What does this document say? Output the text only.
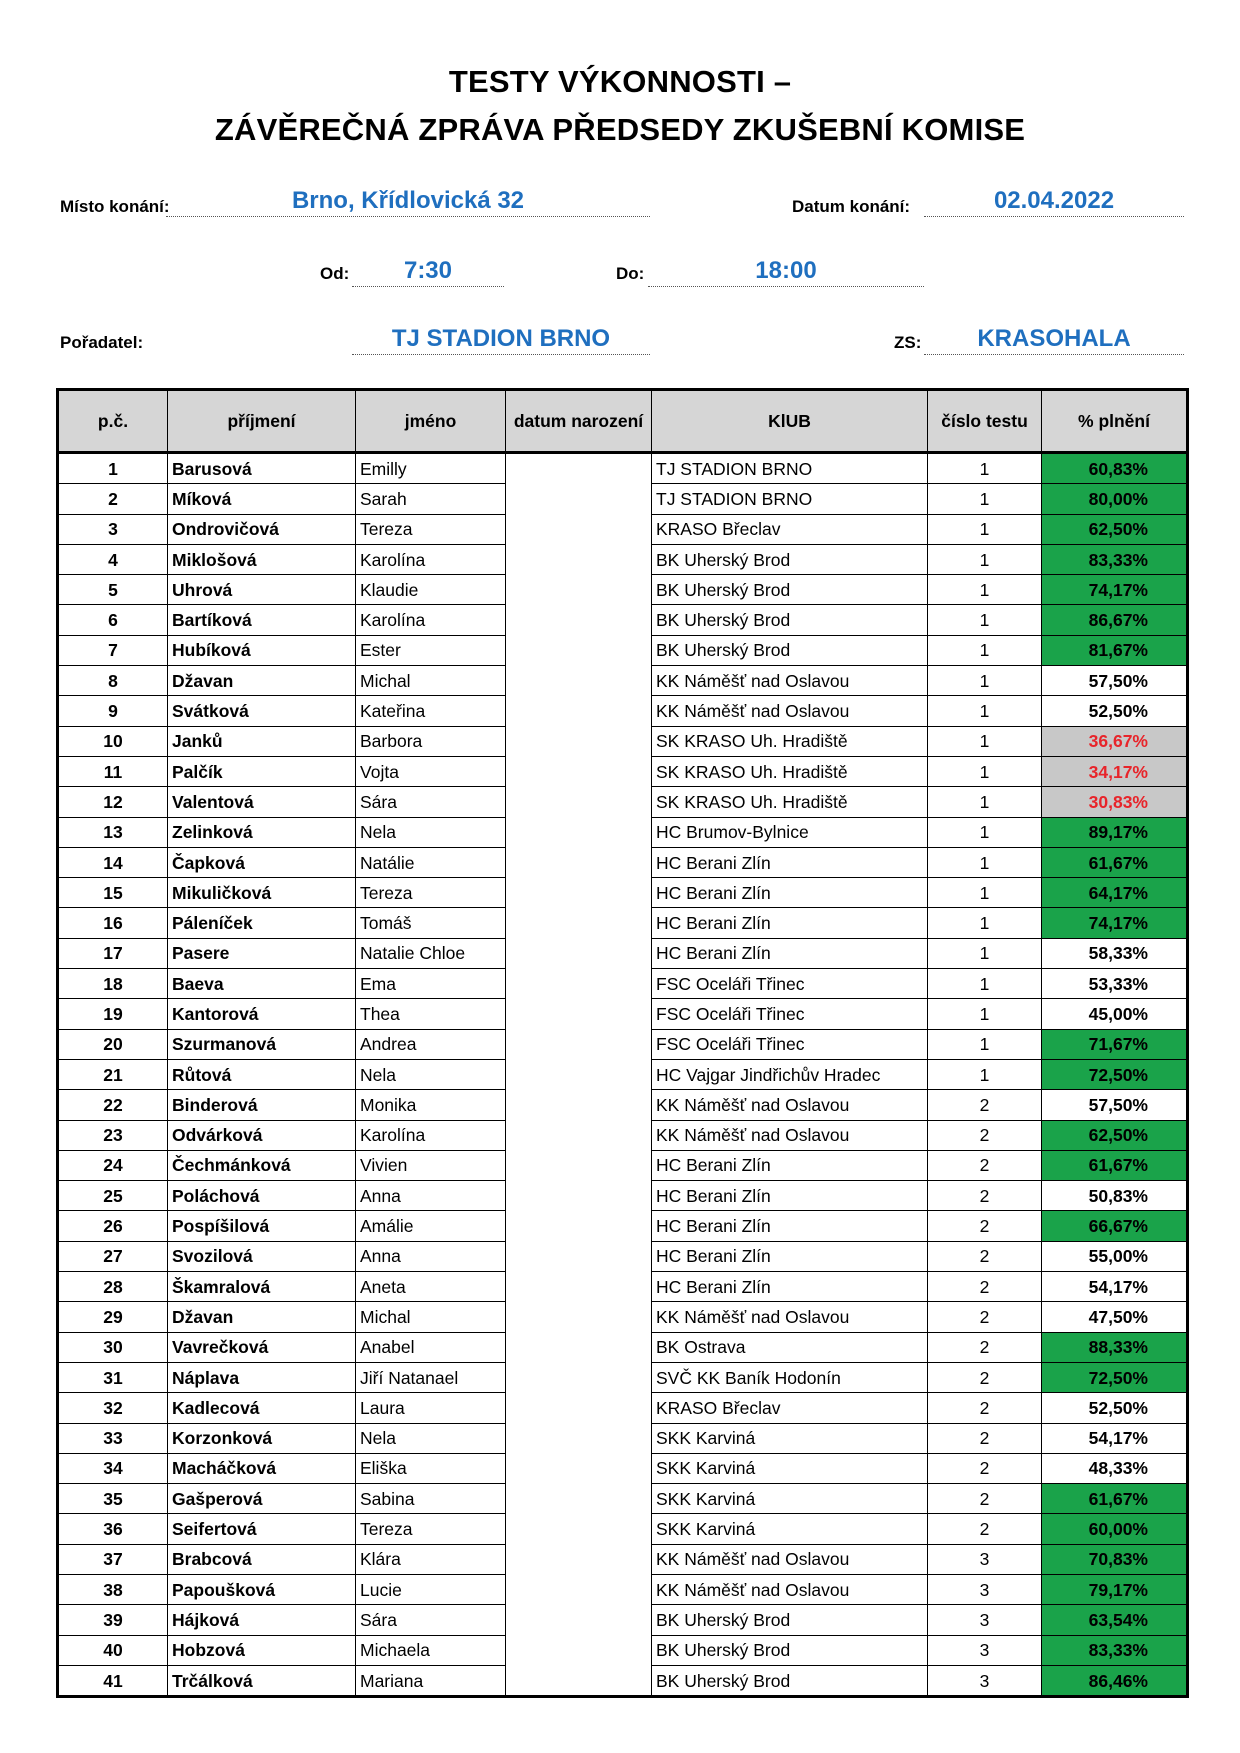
TESTY VÝKONNOSTI –
ZÁVĚREČNÁ ZPRÁVA PŘEDSEDY ZKUŠEBNÍ KOMISE
Místo konání:	Brno, Křídlovická 32	Datum konání:	02.04.2022
Od:	7:30	Do:	18:00
Pořadatel:	TJ STADION BRNO	ZS:	KRASOHALA
p.č.	příjmení	jméno	datum narození	KlUB	číslo testu	% plnění
1	Barusová	Emilly		TJ STADION BRNO	1	60,83%
2	Míková	Sarah		TJ STADION BRNO	1	80,00%
3	Ondrovičová	Tereza		KRASO Břeclav	1	62,50%
4	Miklošová	Karolína		BK Uherský Brod	1	83,33%
5	Uhrová	Klaudie		BK Uherský Brod	1	74,17%
6	Bartíková	Karolína		BK Uherský Brod	1	86,67%
7	Hubíková	Ester		BK Uherský Brod	1	81,67%
8	Džavan	Michal		KK Náměšť nad Oslavou	1	57,50%
9	Svátková	Kateřina		KK Náměšť nad Oslavou	1	52,50%
10	Janků	Barbora		SK KRASO Uh. Hradiště	1	36,67%
11	Palčík	Vojta		SK KRASO Uh. Hradiště	1	34,17%
12	Valentová	Sára		SK KRASO Uh. Hradiště	1	30,83%
13	Zelinková	Nela		HC Brumov-Bylnice	1	89,17%
14	Čapková	Natálie		HC Berani Zlín	1	61,67%
15	Mikuličková	Tereza		HC Berani Zlín	1	64,17%
16	Páleníček	Tomáš		HC Berani Zlín	1	74,17%
17	Pasere	Natalie Chloe		HC Berani Zlín	1	58,33%
18	Baeva	Ema		FSC Oceláři Třinec	1	53,33%
19	Kantorová	Thea		FSC Oceláři Třinec	1	45,00%
20	Szurmanová	Andrea		FSC Oceláři Třinec	1	71,67%
21	Růtová	Nela		HC Vajgar Jindřichův Hradec	1	72,50%
22	Binderová	Monika		KK Náměšť nad Oslavou	2	57,50%
23	Odvárková	Karolína		KK Náměšť nad Oslavou	2	62,50%
24	Čechmánková	Vivien		HC Berani Zlín	2	61,67%
25	Poláchová	Anna		HC Berani Zlín	2	50,83%
26	Pospíšilová	Amálie		HC Berani Zlín	2	66,67%
27	Svozilová	Anna		HC Berani Zlín	2	55,00%
28	Škamralová	Aneta		HC Berani Zlín	2	54,17%
29	Džavan	Michal		KK Náměšť nad Oslavou	2	47,50%
30	Vavrečková	Anabel		BK Ostrava	2	88,33%
31	Náplava	Jiří Natanael		SVČ KK Baník Hodonín	2	72,50%
32	Kadlecová	Laura		KRASO Břeclav	2	52,50%
33	Korzonková	Nela		SKK Karviná	2	54,17%
34	Macháčková	Eliška		SKK Karviná	2	48,33%
35	Gašperová	Sabina		SKK Karviná	2	61,67%
36	Seifertová	Tereza		SKK Karviná	2	60,00%
37	Brabcová	Klára		KK Náměšť nad Oslavou	3	70,83%
38	Papoušková	Lucie		KK Náměšť nad Oslavou	3	79,17%
39	Hájková	Sára		BK Uherský Brod	3	63,54%
40	Hobzová	Michaela		BK Uherský Brod	3	83,33%
41	Trčálková	Mariana		BK Uherský Brod	3	86,46%
